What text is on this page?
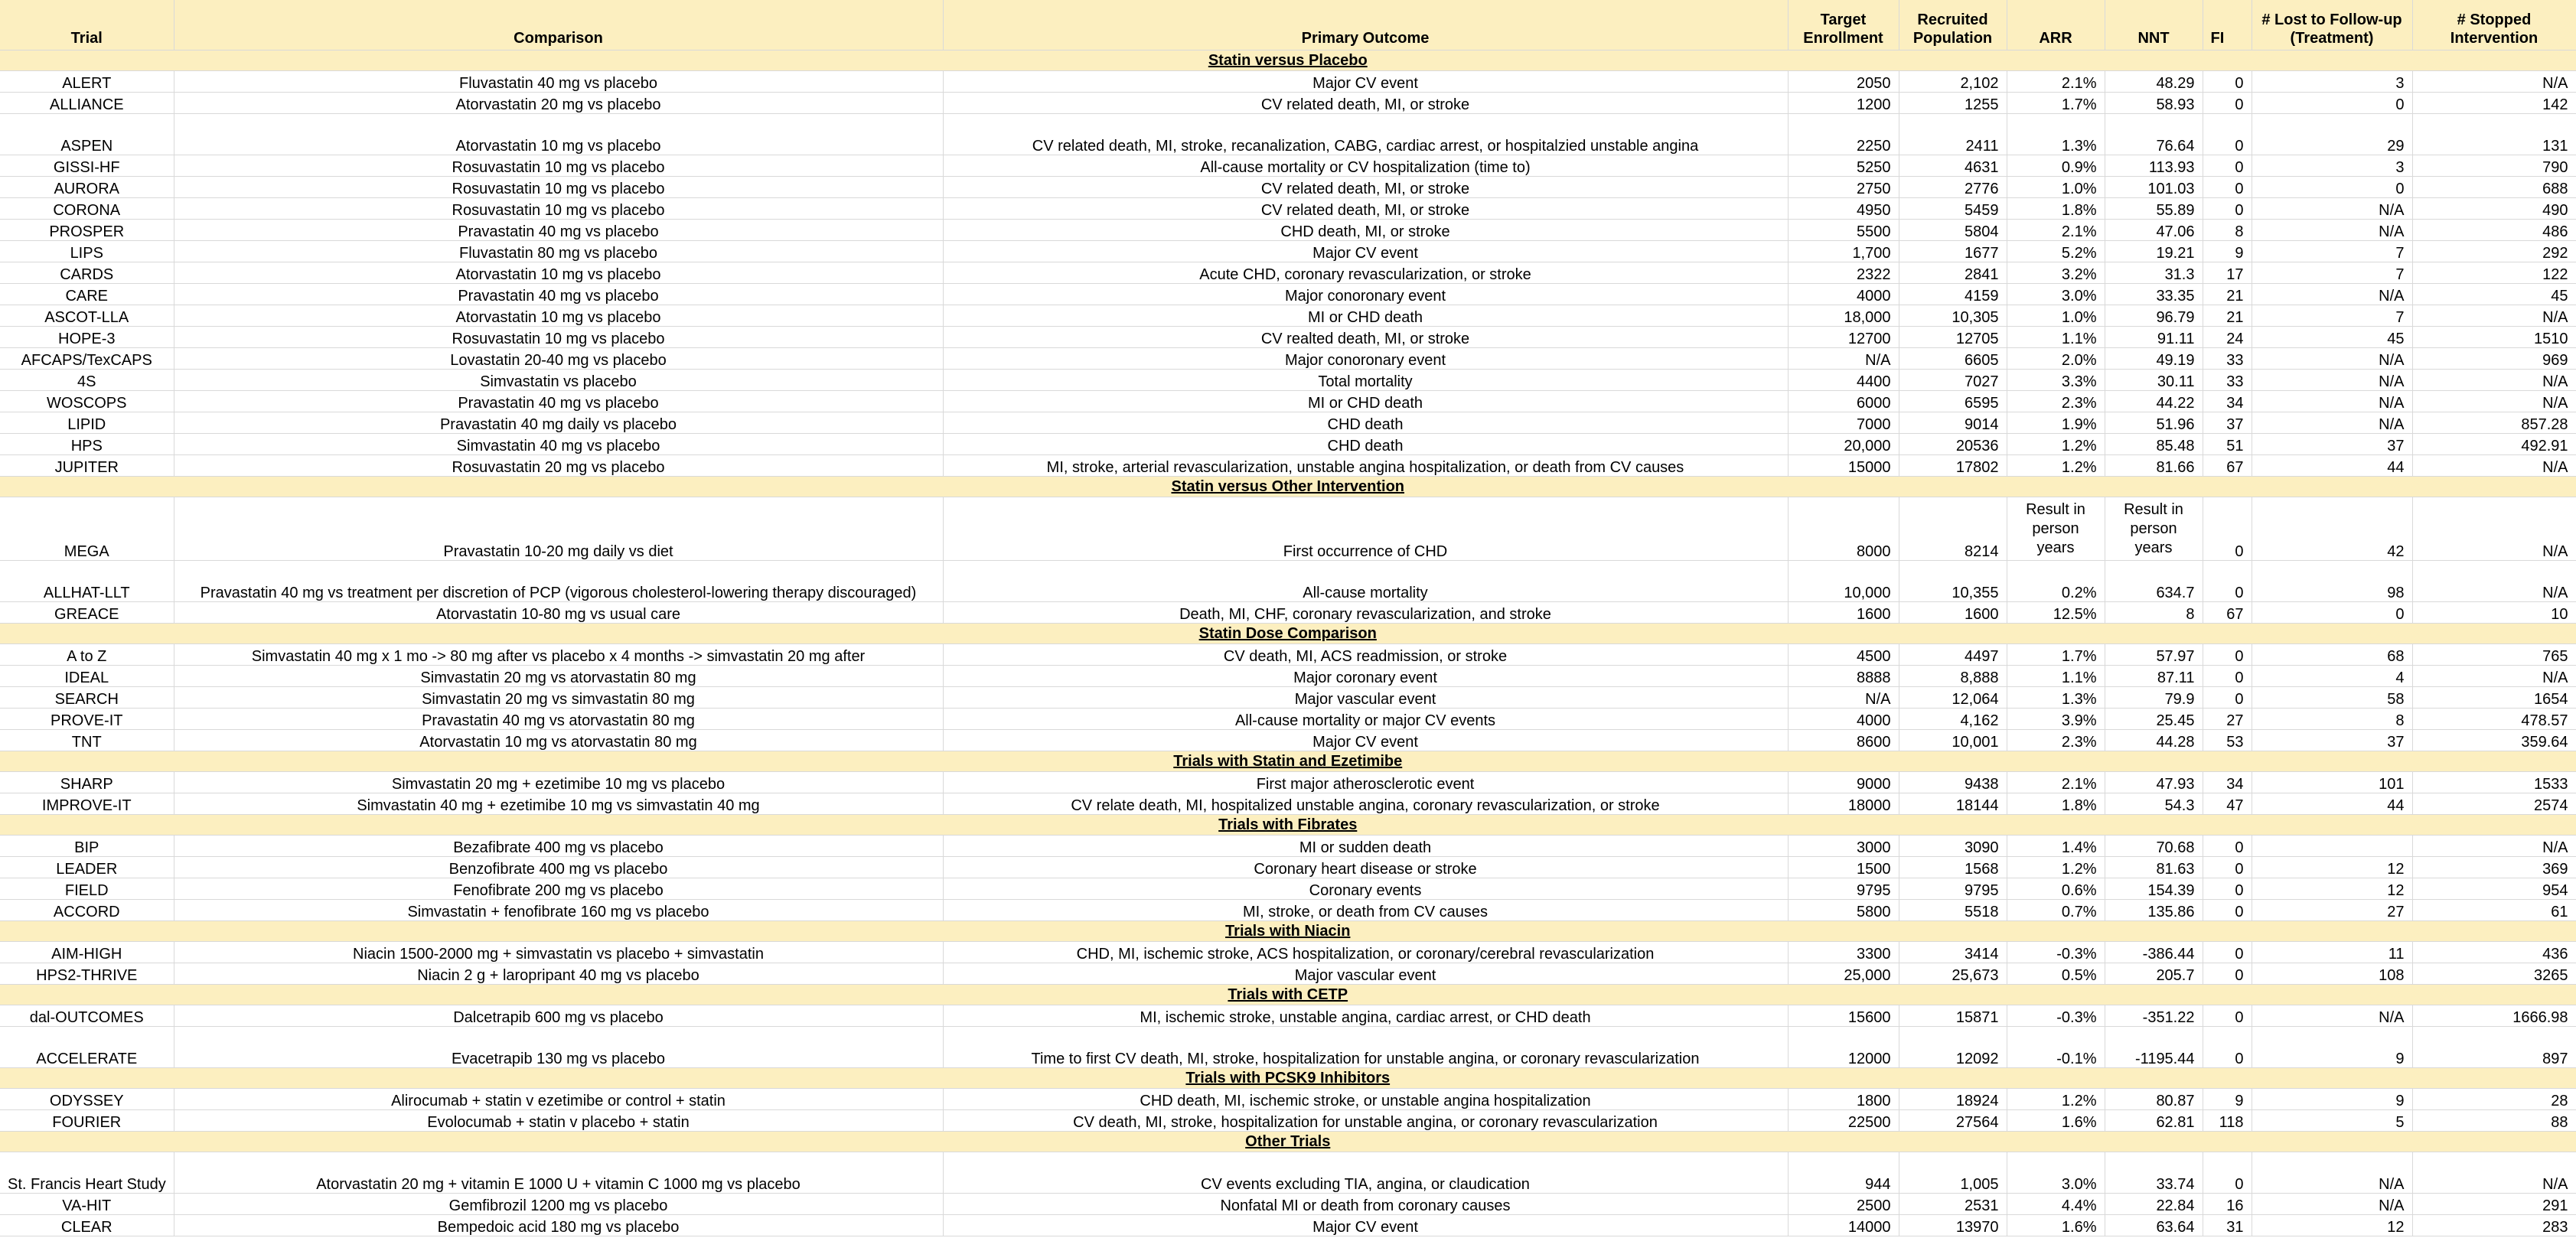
Trial	Comparison	Primary Outcome	Target Enrollment	Recruited Population	ARR	NNT	FI	# Lost to Follow-up (Treatment)	# Stopped Intervention
Statin versus Placebo									
ALERT	Fluvastatin 40 mg vs placebo	Major CV event	2050	2,102	2.1%	48.29	0	3	N/A
ALLIANCE	Atorvastatin 20 mg vs placebo	CV related death, MI, or stroke	1200	1255	1.7%	58.93	0	0	142
ASPEN	Atorvastatin 10 mg vs placebo	CV related death, MI, stroke, recanalization, CABG, cardiac arrest, or hospitalzied unstable angina	2250	2411	1.3%	76.64	0	29	131
GISSI-HF	Rosuvastatin 10 mg vs placebo	All-cause mortality or CV hospitalization (time to)	5250	4631	0.9%	113.93	0	3	790
AURORA	Rosuvastatin 10 mg vs placebo	CV related death, MI, or stroke	2750	2776	1.0%	101.03	0	0	688
CORONA	Rosuvastatin 10 mg vs placebo	CV related death, MI, or stroke	4950	5459	1.8%	55.89	0	N/A	490
PROSPER	Pravastatin 40 mg vs placebo	CHD death, MI, or stroke	5500	5804	2.1%	47.06	8	N/A	486
LIPS	Fluvastatin 80 mg vs placebo	Major CV event	1,700	1677	5.2%	19.21	9	7	292
CARDS	Atorvastatin 10 mg vs placebo	Acute CHD, coronary revascularization, or stroke	2322	2841	3.2%	31.3	17	7	122
CARE	Pravastatin 40 mg vs placebo	Major conoronary event	4000	4159	3.0%	33.35	21	N/A	45
ASCOT-LLA	Atorvastatin 10 mg vs placebo	MI or CHD death	18,000	10,305	1.0%	96.79	21	7	N/A
HOPE-3	Rosuvastatin 10 mg vs placebo	CV realted death, MI, or stroke	12700	12705	1.1%	91.11	24	45	1510
AFCAPS/TexCAPS	Lovastatin 20-40 mg vs placebo	Major conoronary event	N/A	6605	2.0%	49.19	33	N/A	969
4S	Simvastatin vs placebo	Total mortality	4400	7027	3.3%	30.11	33	N/A	N/A
WOSCOPS	Pravastatin 40 mg vs placebo	MI or CHD death	6000	6595	2.3%	44.22	34	N/A	N/A
LIPID	Pravastatin 40 mg daily vs placebo	CHD death	7000	9014	1.9%	51.96	37	N/A	857.28
HPS	Simvastatin 40 mg vs placebo	CHD death	20,000	20536	1.2%	85.48	51	37	492.91
JUPITER	Rosuvastatin 20 mg vs placebo	MI, stroke, arterial revascularization, unstable angina hospitalization, or death from CV causes	15000	17802	1.2%	81.66	67	44	N/A
Statin versus Other Intervention									
MEGA	Pravastatin 10-20 mg daily vs diet	First occurrence of CHD	8000	8214	Result in person years	Result in person years	0	42	N/A
ALLHAT-LLT	Pravastatin 40 mg vs treatment per discretion of PCP (vigorous cholesterol-lowering therapy discouraged)	All-cause mortality	10,000	10,355	0.2%	634.7	0	98	N/A
GREACE	Atorvastatin 10-80 mg vs usual care	Death, MI, CHF, coronary revascularization, and stroke	1600	1600	12.5%	8	67	0	10
Statin Dose Comparison									
A to Z	Simvastatin 40 mg x 1 mo -> 80 mg after vs placebo x 4 months -> simvastatin 20 mg after	CV death, MI, ACS readmission, or stroke	4500	4497	1.7%	57.97	0	68	765
IDEAL	Simvastatin 20 mg vs atorvastatin 80 mg	Major coronary event	8888	8,888	1.1%	87.11	0	4	N/A
SEARCH	Simvastatin 20 mg vs simvastatin 80 mg	Major vascular event	N/A	12,064	1.3%	79.9	0	58	1654
PROVE-IT	Pravastatin 40 mg vs atorvastatin 80 mg	All-cause mortality or major CV events	4000	4,162	3.9%	25.45	27	8	478.57
TNT	Atorvastatin 10 mg vs atorvastatin 80 mg	Major CV event	8600	10,001	2.3%	44.28	53	37	359.64
Trials with Statin and Ezetimibe									
SHARP	Simvastatin 20 mg + ezetimibe 10 mg vs placebo	First major atherosclerotic event	9000	9438	2.1%	47.93	34	101	1533
IMPROVE-IT	Simvastatin 40 mg + ezetimibe 10 mg vs simvastatin 40 mg	CV relate death, MI, hospitalized unstable angina, coronary revascularization, or stroke	18000	18144	1.8%	54.3	47	44	2574
Trials with Fibrates									
BIP	Bezafibrate 400 mg vs placebo	MI or sudden death	3000	3090	1.4%	70.68	0		N/A
LEADER	Benzofibrate 400 mg vs placebo	Coronary heart disease or stroke	1500	1568	1.2%	81.63	0	12	369
FIELD	Fenofibrate 200 mg vs placebo	Coronary events	9795	9795	0.6%	154.39	0	12	954
ACCORD	Simvastatin + fenofibrate 160 mg vs placebo	MI, stroke, or death from CV causes	5800	5518	0.7%	135.86	0	27	61
Trials with Niacin									
AIM-HIGH	Niacin 1500-2000 mg + simvastatin vs placebo + simvastatin	CHD, MI, ischemic stroke, ACS hospitalization, or coronary/cerebral revascularization	3300	3414	-0.3%	-386.44	0	11	436
HPS2-THRIVE	Niacin 2 g + laropripant 40 mg vs placebo	Major vascular event	25,000	25,673	0.5%	205.7	0	108	3265
Trials with CETP									
dal-OUTCOMES	Dalcetrapib 600 mg vs placebo	MI, ischemic stroke, unstable angina, cardiac arrest, or CHD death	15600	15871	-0.3%	-351.22	0	N/A	1666.98
ACCELERATE	Evacetrapib 130 mg vs placebo	Time to first CV death, MI, stroke, hospitalization for unstable angina, or coronary revascularization	12000	12092	-0.1%	-1195.44	0	9	897
Trials with PCSK9 Inhibitors									
ODYSSEY	Alirocumab + statin v ezetimibe or control + statin	CHD death, MI, ischemic stroke, or unstable angina hospitalization	1800	18924	1.2%	80.87	9	9	28
FOURIER	Evolocumab + statin v placebo + statin	CV death, MI, stroke, hospitalization for unstable angina, or coronary revascularization	22500	27564	1.6%	62.81	118	5	88
Other Trials									
St. Francis Heart Study	Atorvastatin 20 mg + vitamin E 1000 U + vitamin C 1000 mg vs placebo	CV events excluding TIA, angina, or claudication	944	1,005	3.0%	33.74	0	N/A	N/A
VA-HIT	Gemfibrozil 1200 mg vs placebo	Nonfatal MI or death from coronary causes	2500	2531	4.4%	22.84	16	N/A	291
CLEAR	Bempedoic acid 180 mg vs placebo	Major CV event	14000	13970	1.6%	63.64	31	12	283
